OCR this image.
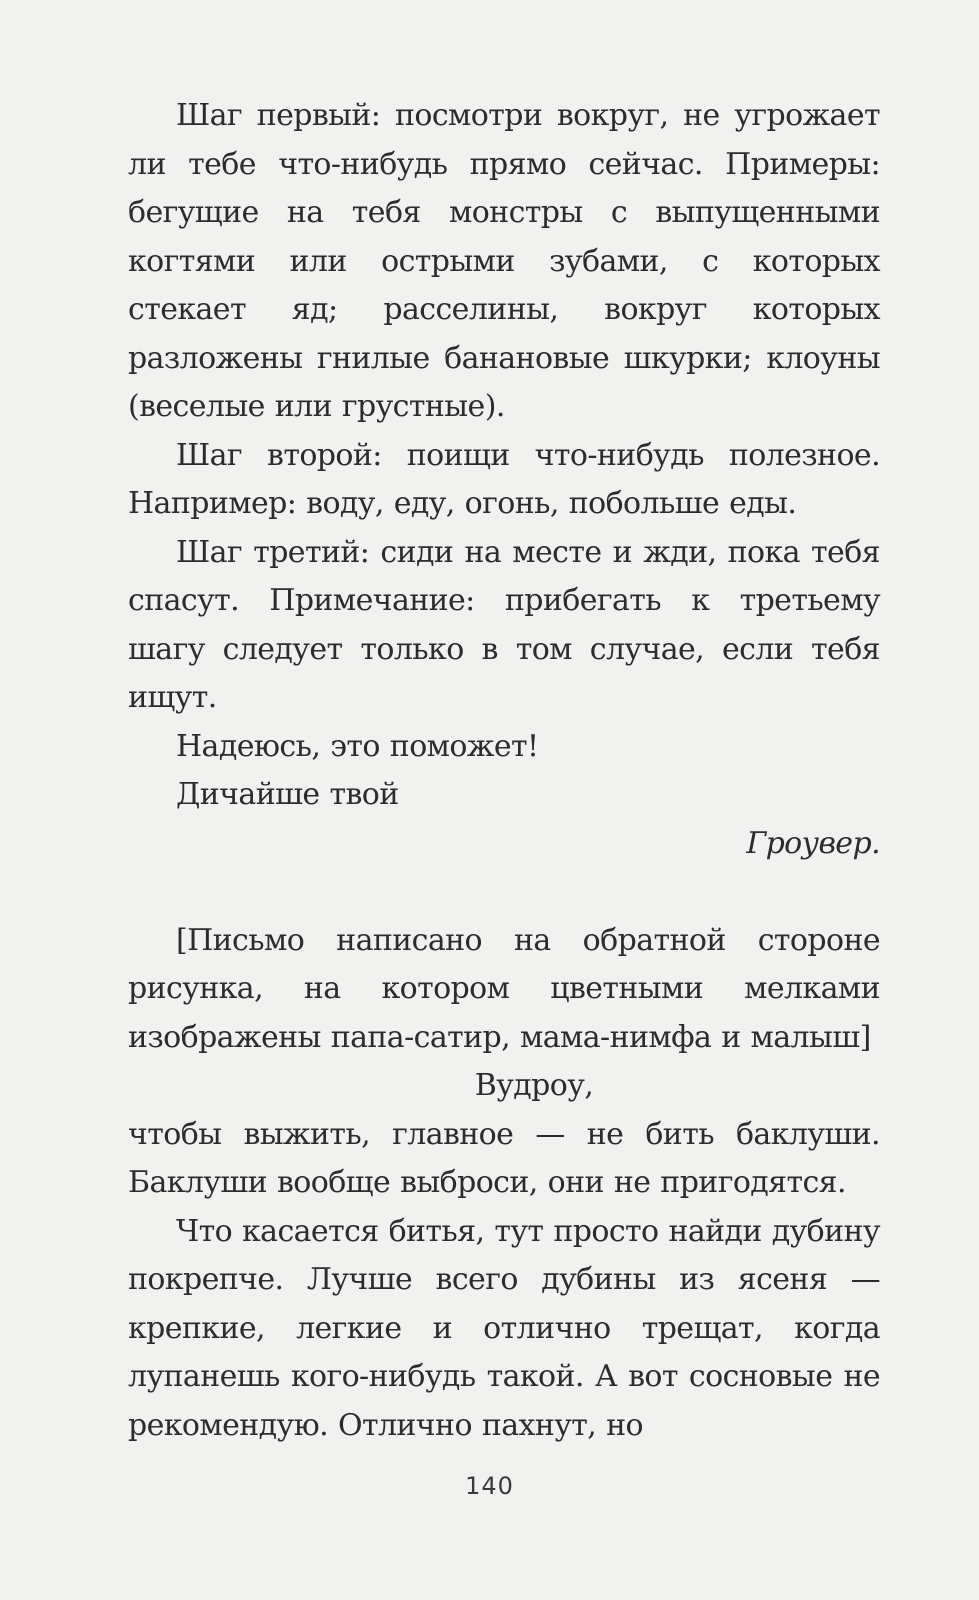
Шаг первый: посмотри вокруг, не угрожает ли тебе что-нибудь прямо сейчас. Примеры: бегущие на тебя монстры с выпущенными когтями или острыми зубами, с которых стекает яд; расселины, вокруг которых разложены гнилые банановые шкурки; клоуны (веселые или грустные).

Шаг второй: поищи что-нибудь полезное. Например: воду, еду, огонь, побольше еды.

Шаг третий: сиди на месте и жди, пока тебя спасут. Примечание: прибегать к третьему шагу следует только в том случае, если тебя ищут.

Надеюсь, это поможет!

Дичайше твой

Гроувер.

[Письмо написано на обратной стороне рисунка, на котором цветными мелками изображены папа-сатир, мама-нимфа и малыш]

Вудроу,

чтобы выжить, главное — не бить баклуши. Баклуши вообще выброси, они не пригодятся.

Что касается битья, тут просто найди дубину покрепче. Лучше всего дубины из ясеня — крепкие, легкие и отлично трещат, когда лупанешь кого-нибудь такой. А вот сосновые не рекомендую. Отлично пахнут, но

140
